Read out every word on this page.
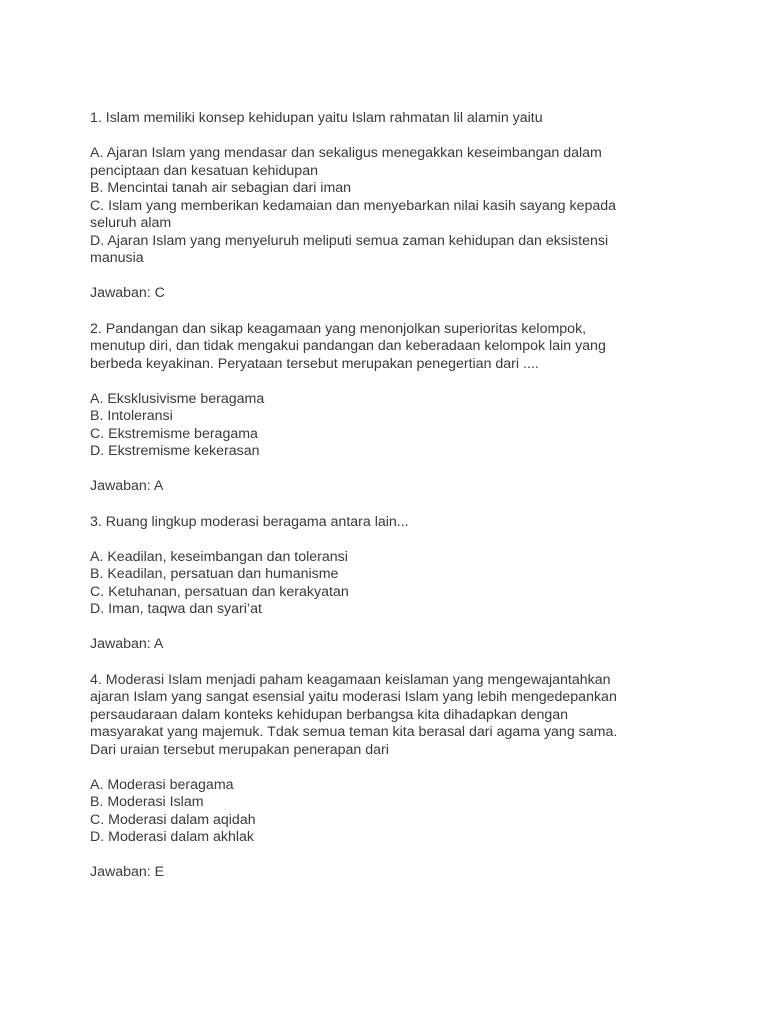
1. Islam memiliki konsep kehidupan yaitu Islam rahmatan lil alamin yaitu

A. Ajaran Islam yang mendasar dan sekaligus menegakkan keseimbangan dalam
penciptaan dan kesatuan kehidupan
B. Mencintai tanah air sebagian dari iman
C. Islam yang memberikan kedamaian dan menyebarkan nilai kasih sayang kepada
seluruh alam
D. Ajaran Islam yang menyeluruh meliputi semua zaman kehidupan dan eksistensi
manusia

Jawaban: C

2. Pandangan dan sikap keagamaan yang menonjolkan superioritas kelompok,
menutup diri, dan tidak mengakui pandangan dan keberadaan kelompok lain yang
berbeda keyakinan. Peryataan tersebut merupakan penegertian dari ....

A. Eksklusivisme beragama
B. Intoleransi
C. Ekstremisme beragama
D. Ekstremisme kekerasan

Jawaban: A

3. Ruang lingkup moderasi beragama antara lain...

A. Keadilan, keseimbangan dan toleransi
B. Keadilan, persatuan dan humanisme
C. Ketuhanan, persatuan dan kerakyatan
D. Iman, taqwa dan syari’at

Jawaban: A

4. Moderasi Islam menjadi paham keagamaan keislaman yang mengewajantahkan
ajaran Islam yang sangat esensial yaitu moderasi Islam yang lebih mengedepankan
persaudaraan dalam konteks kehidupan berbangsa kita dihadapkan dengan
masyarakat yang majemuk. Tdak semua teman kita berasal dari agama yang sama.
Dari uraian tersebut merupakan penerapan dari

A. Moderasi beragama
B. Moderasi Islam
C. Moderasi dalam aqidah
D. Moderasi dalam akhlak

Jawaban: E
